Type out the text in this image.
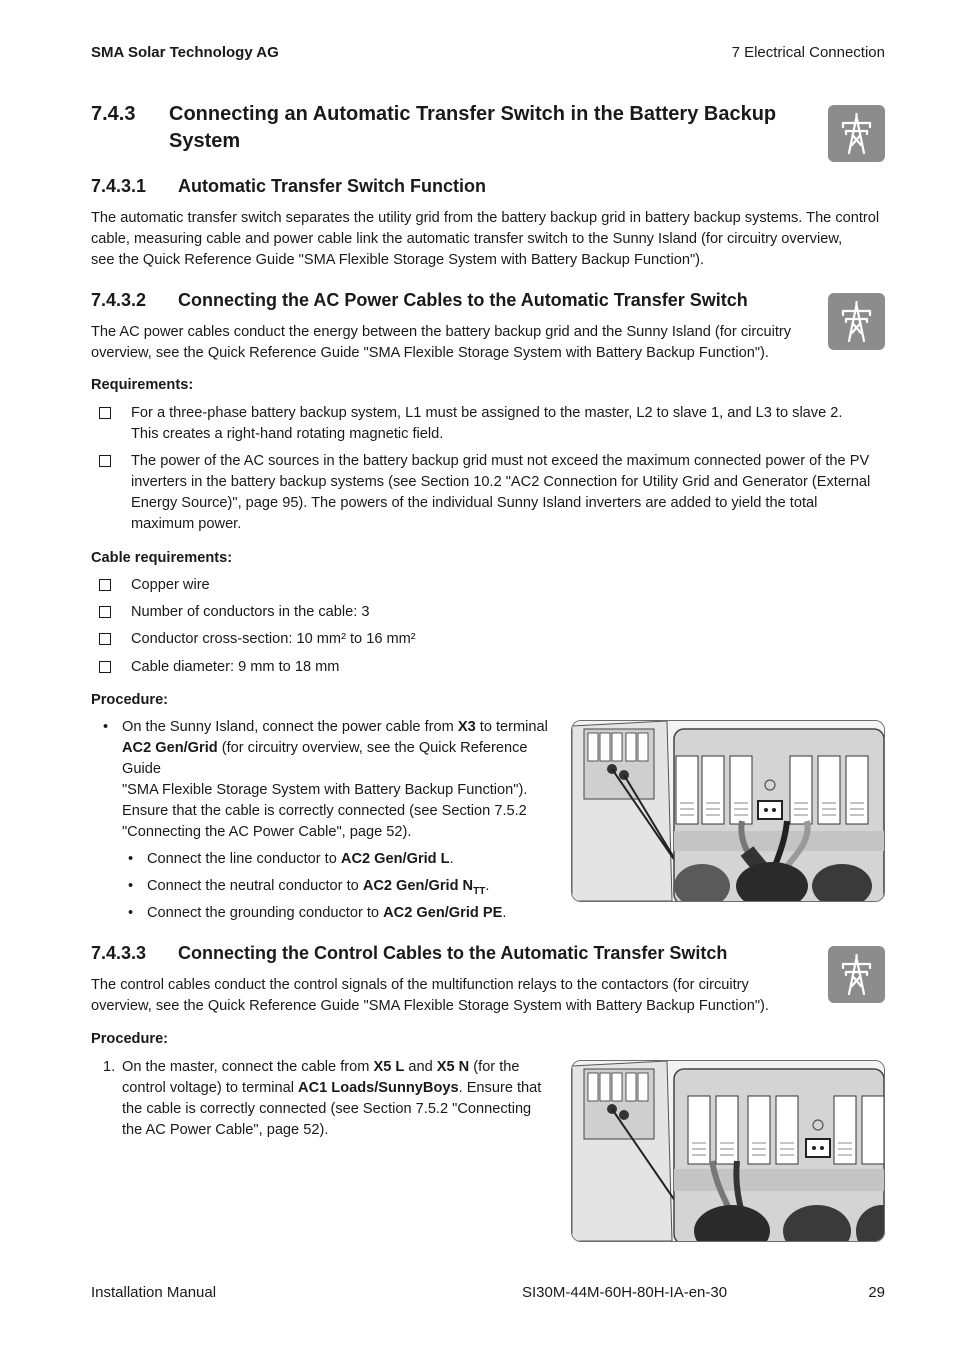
SMA Solar Technology AG	7 Electrical Connection
7.4.3 Connecting an Automatic Transfer Switch in the Battery Backup System
7.4.3.1 Automatic Transfer Switch Function
The automatic transfer switch separates the utility grid from the battery backup grid in battery backup systems. The control
cable, measuring cable and power cable link the automatic transfer switch to the Sunny Island (for circuitry overview,
see the Quick Reference Guide "SMA Flexible Storage System with Battery Backup Function").
7.4.3.2 Connecting the AC Power Cables to the Automatic Transfer Switch
The AC power cables conduct the energy between the battery backup grid and the Sunny Island (for circuitry
overview, see the Quick Reference Guide "SMA Flexible Storage System with Battery Backup Function").
Requirements:
For a three-phase battery backup system, L1 must be assigned to the master, L2 to slave 1, and L3 to slave 2.
This creates a right-hand rotating magnetic field.
The power of the AC sources in the battery backup grid must not exceed the maximum connected power of the PV
inverters in the battery backup systems (see Section 10.2 "AC2 Connection for Utility Grid and Generator (External
Energy Source)", page 95). The powers of the individual Sunny Island inverters are added to yield the total
maximum power.
Cable requirements:
Copper wire
Number of conductors in the cable: 3
Conductor cross-section: 10 mm² to 16 mm²
Cable diameter: 9 mm to 18 mm
Procedure:
• On the Sunny Island, connect the power cable from X3 to terminal
AC2 Gen/Grid (for circuitry overview, see the Quick Reference
Guide
"SMA Flexible Storage System with Battery Backup Function").
Ensure that the cable is correctly connected (see Section 7.5.2
"Connecting the AC Power Cable", page 52).
• Connect the line conductor to AC2 Gen/Grid L.
• Connect the neutral conductor to AC2 Gen/Grid $N_{TT}$.
• Connect the grounding conductor to AC2 Gen/Grid PE.
7.4.3.3 Connecting the Control Cables to the Automatic Transfer Switch
The control cables conduct the control signals of the multifunction relays to the contactors (for circuitry
overview, see the Quick Reference Guide "SMA Flexible Storage System with Battery Backup Function").
Procedure:
1. On the master, connect the cable from X5 L and X5 N (for the
control voltage) to terminal AC1 Loads/SunnyBoys. Ensure that
the cable is correctly connected (see Section 7.5.2 "Connecting
the AC Power Cable", page 52).
Installation Manual	SI30M-44M-60H-80H-IA-en-30	29
